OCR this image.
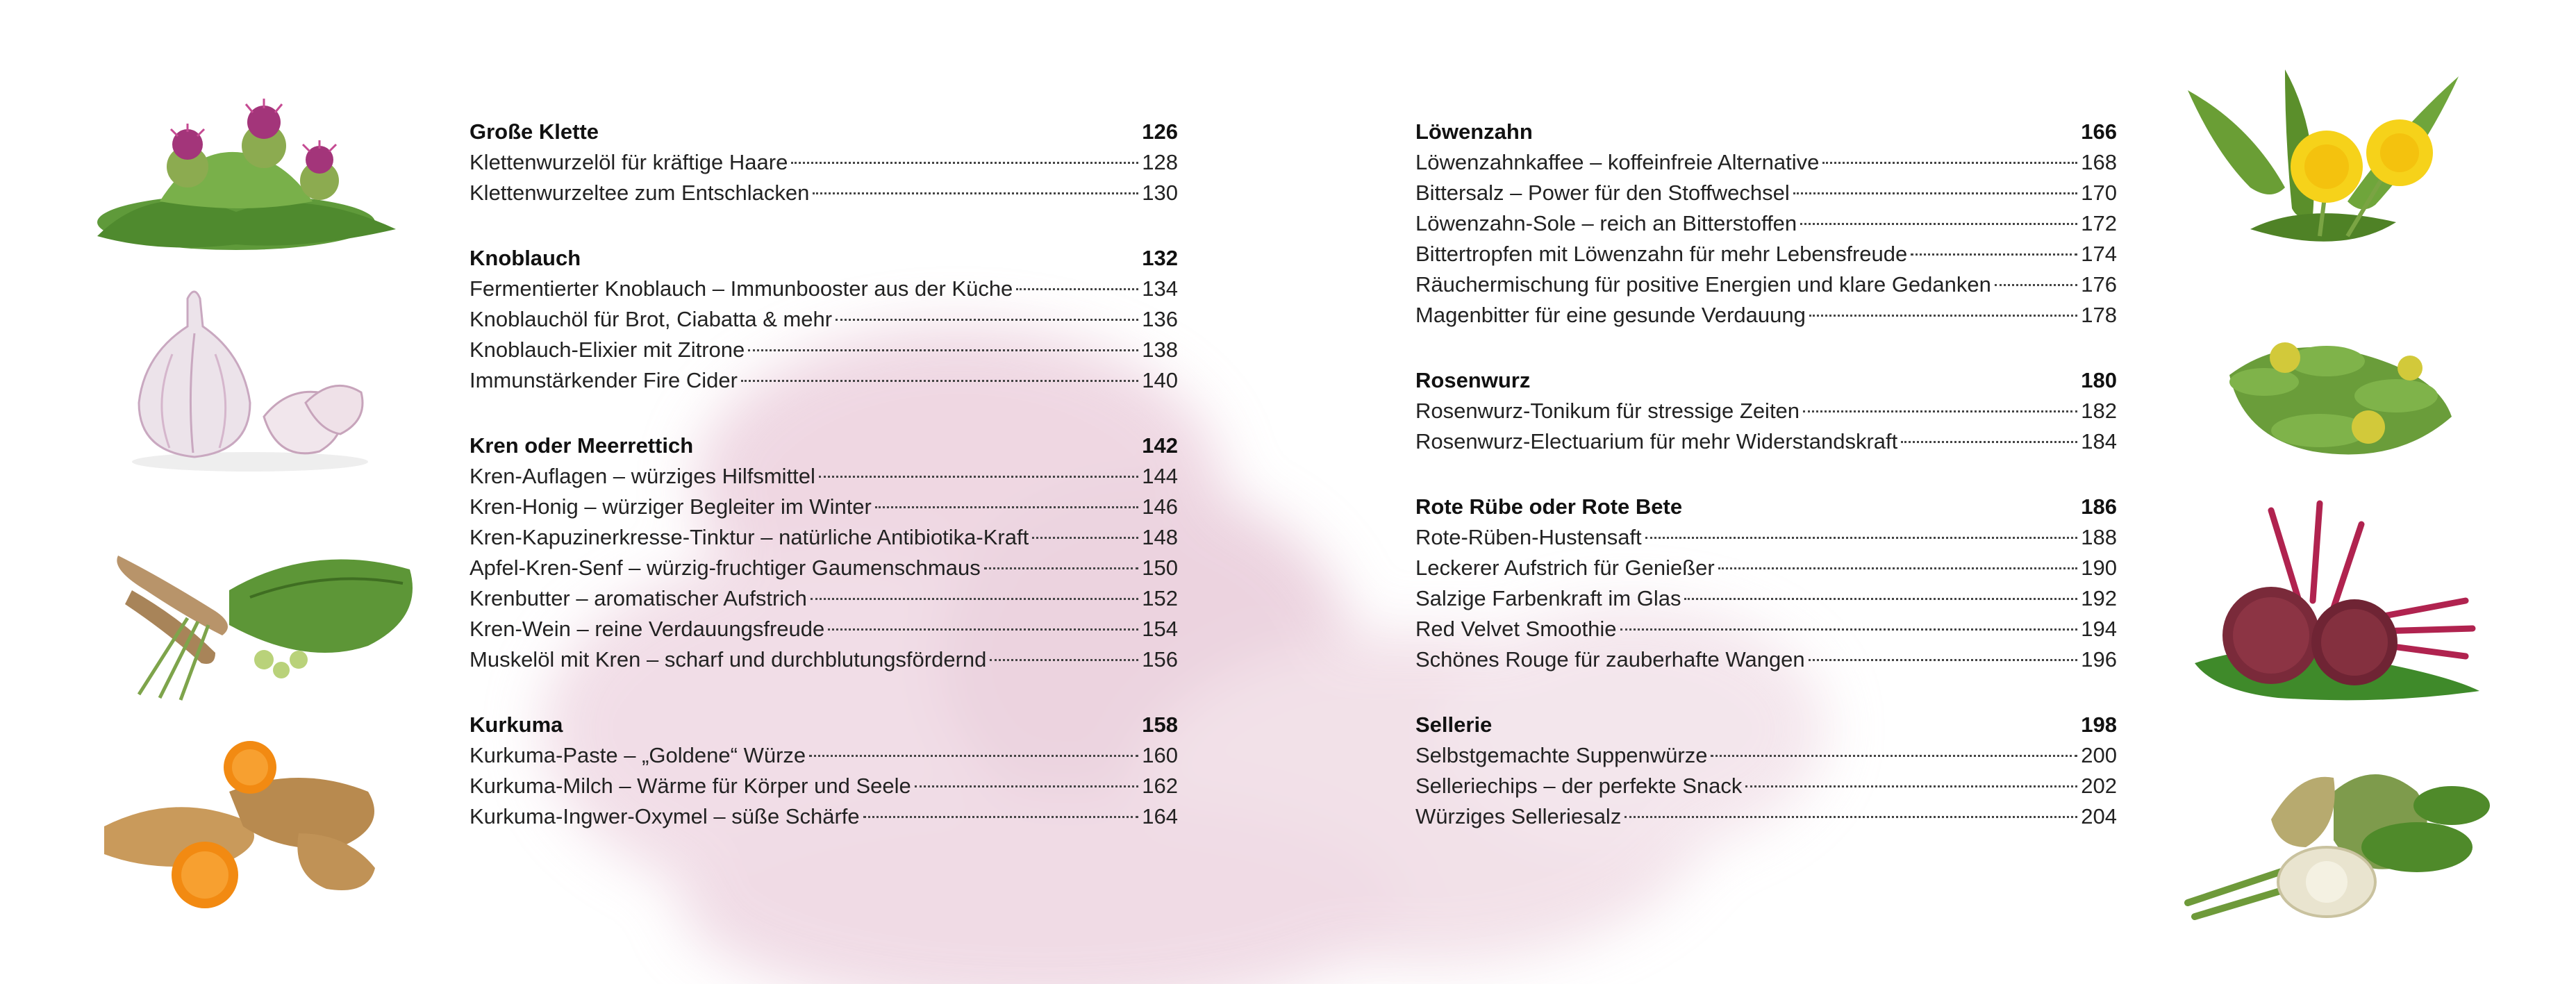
Große Klette	126
Klettenwurzelöl für kräftige Haare	128
Klettenwurzeltee zum Entschlacken	130
Knoblauch	132
Fermentierter Knoblauch – Immunbooster aus der Küche	134
Knoblauchöl für Brot, Ciabatta & mehr	136
Knoblauch-Elixier mit Zitrone	138
Immunstärkender Fire Cider	140
Kren oder Meerrettich	142
Kren-Auflagen – würziges Hilfsmittel	144
Kren-Honig – würziger Begleiter im Winter	146
Kren-Kapuzinerkresse-Tinktur – natürliche Antibiotika-Kraft	148
Apfel-Kren-Senf – würzig-fruchtiger Gaumenschmaus	150
Krenbutter – aromatischer Aufstrich	152
Kren-Wein – reine Verdauungsfreude	154
Muskelöl mit Kren – scharf und durchblutungsfördernd	156
Kurkuma	158
Kurkuma-Paste – „Goldene“ Würze	160
Kurkuma-Milch – Wärme für Körper und Seele	162
Kurkuma-Ingwer-Oxymel – süße Schärfe	164
Löwenzahn	166
Löwenzahnkaffee – koffeinfreie Alternative	168
Bittersalz – Power für den Stoffwechsel	170
Löwenzahn-Sole – reich an Bitterstoffen	172
Bittertropfen mit Löwenzahn für mehr Lebensfreude	174
Räuchermischung für positive Energien und klare Gedanken	176
Magenbitter für eine gesunde Verdauung	178
Rosenwurz	180
Rosenwurz-Tonikum für stressige Zeiten	182
Rosenwurz-Electuarium für mehr Widerstandskraft	184
Rote Rübe oder Rote Bete	186
Rote-Rüben-Hustensaft	188
Leckerer Aufstrich für Genießer	190
Salzige Farbenkraft im Glas	192
Red Velvet Smoothie	194
Schönes Rouge für zauberhafte Wangen	196
Sellerie	198
Selbstgemachte Suppenwürze	200
Selleriechips – der perfekte Snack	202
Würziges Selleriesalz	204
